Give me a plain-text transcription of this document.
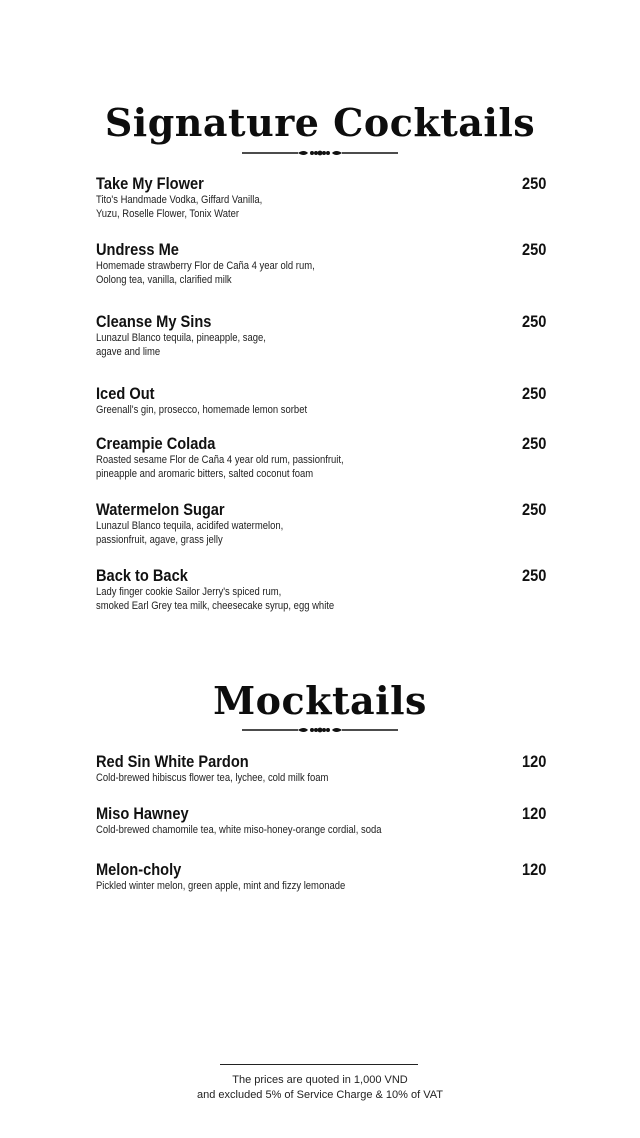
Signature Cocktails
Take My Flower
Tito's Handmade Vodka, Giffard Vanilla,
Yuzu, Roselle Flower, Tonix Water
250
Undress Me
Homemade strawberry Flor de Caña 4 year old rum,
Oolong tea, vanilla, clarified milk
250
Cleanse My Sins
Lunazul Blanco tequila, pineapple, sage,
agave and lime
250
Iced Out
Greenall's gin, prosecco, homemade lemon sorbet
250
Creampie Colada
Roasted sesame Flor de Caña 4 year old rum, passionfruit,
pineapple and aromaric bitters, salted coconut foam
250
Watermelon Sugar
Lunazul Blanco tequila, acidifed watermelon,
passionfruit, agave, grass jelly
250
Back to Back
Lady finger cookie Sailor Jerry's spiced rum,
smoked Earl Grey tea milk, cheesecake syrup, egg white
250
Mocktails
Red Sin White Pardon
Cold-brewed hibiscus flower tea, lychee, cold milk foam
120
Miso Hawney
Cold-brewed chamomile tea, white miso-honey-orange cordial, soda
120
Melon-choly
Pickled winter melon, green apple, mint and fizzy lemonade
120
The prices are quoted in 1,000 VND
and excluded 5% of Service Charge & 10% of VAT
